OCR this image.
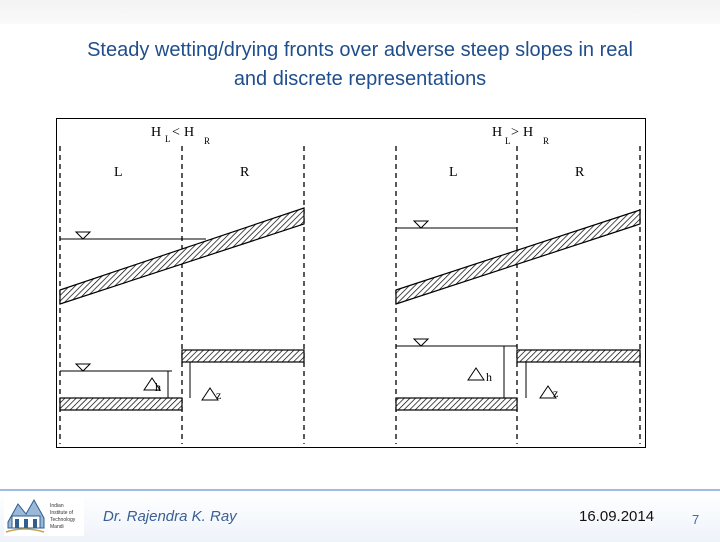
Steady wetting/drying fronts over adverse steep slopes in real
and discrete representations
H L < H
R
L	R
h
z
H
L
> H
R
L	R
h
z
Indian
Institute of
Technology
Mandi
Dr. Rajendra K. Ray	16.09.2014	7
